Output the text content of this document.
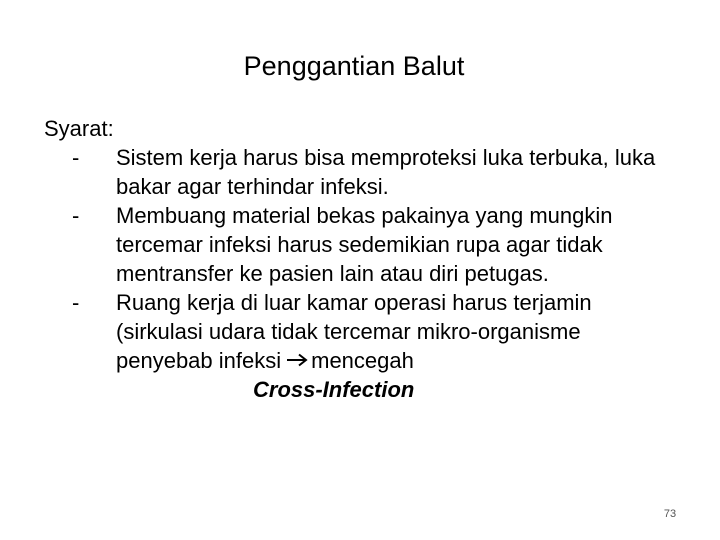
Penggantian Balut

Syarat:

- Sistem kerja harus bisa memproteksi luka terbuka, luka bakar agar terhindar infeksi.
- Membuang material bekas pakainya yang mungkin tercemar infeksi harus sedemikian rupa agar tidak mentransfer ke pasien lain atau diri petugas.
- Ruang kerja di luar kamar operasi harus terjamin (sirkulasi udara tidak tercemar mikro-organisme penyebab infeksi mencegah

Cross-Infection

73
